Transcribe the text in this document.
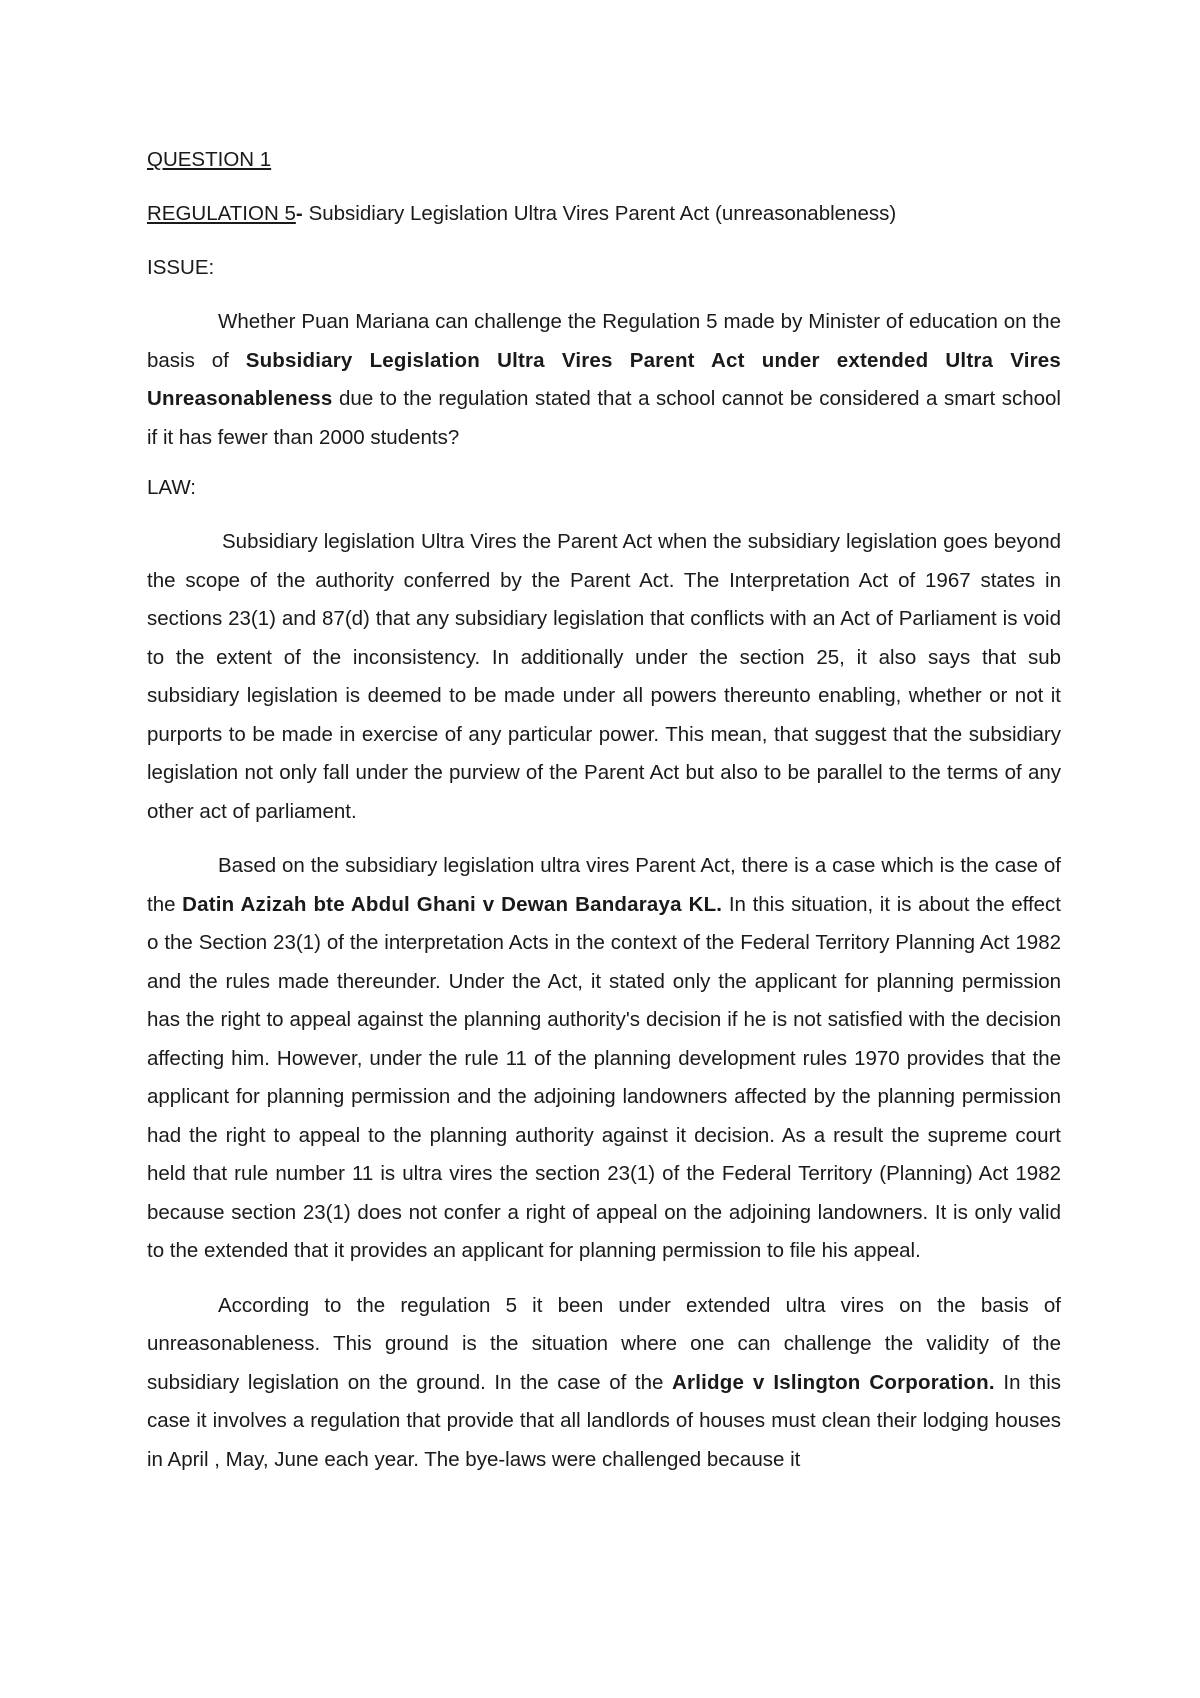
QUESTION 1

REGULATION 5- Subsidiary Legislation Ultra Vires Parent Act (unreasonableness)

ISSUE:

Whether Puan Mariana can challenge the Regulation 5 made by Minister of education on the basis of Subsidiary Legislation Ultra Vires Parent Act under extended Ultra Vires Unreasonableness due to the regulation stated that a school cannot be considered a smart school if it has fewer than 2000 students?

LAW:

Subsidiary legislation Ultra Vires the Parent Act when the subsidiary legislation goes beyond the scope of the authority conferred by the Parent Act. The Interpretation Act of 1967 states in sections 23(1) and 87(d) that any subsidiary legislation that conflicts with an Act of Parliament is void to the extent of the inconsistency. In additionally under the section 25, it also says that sub subsidiary legislation is deemed to be made under all powers thereunto enabling, whether or not it purports to be made in exercise of any particular power. This mean, that suggest that the subsidiary legislation not only fall under the purview of the Parent Act but also to be parallel to the terms of any other act of parliament.

Based on the subsidiary legislation ultra vires Parent Act, there is a case which is the case of the Datin Azizah bte Abdul Ghani v Dewan Bandaraya KL. In this situation, it is about the effect o the Section 23(1) of the interpretation Acts in the context of the Federal Territory Planning Act 1982 and the rules made thereunder. Under the Act, it stated only the applicant for planning permission has the right to appeal against the planning authority's decision if he is not satisfied with the decision affecting him. However, under the rule 11 of the planning development rules 1970 provides that the applicant for planning permission and the adjoining landowners affected by the planning permission had the right to appeal to the planning authority against it decision. As a result the supreme court held that rule number 11 is ultra vires the section 23(1) of the Federal Territory (Planning) Act 1982 because section 23(1) does not confer a right of appeal on the adjoining landowners. It is only valid to the extended that it provides an applicant for planning permission to file his appeal.

According to the regulation 5 it been under extended ultra vires on the basis of unreasonableness. This ground is the situation where one can challenge the validity of the subsidiary legislation on the ground. In the case of the Arlidge v Islington Corporation. In this case it involves a regulation that provide that all landlords of houses must clean their lodging houses in April , May, June each year. The bye-laws were challenged because it
